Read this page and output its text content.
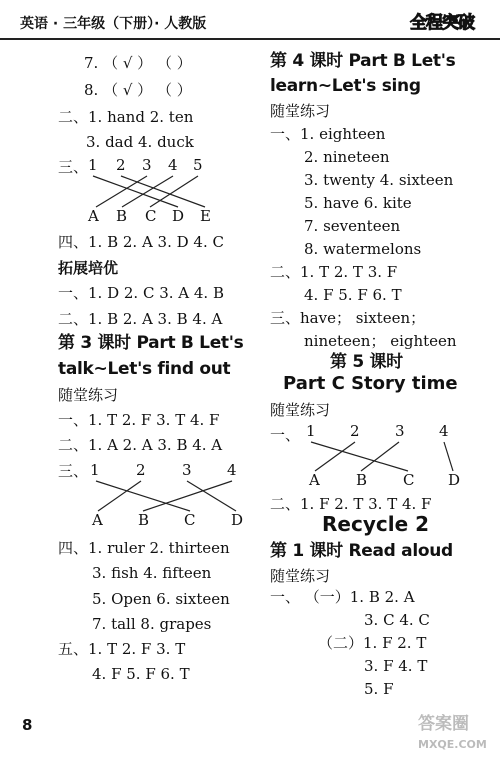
英语 · 三年级（下册）· 人教版	全程突破
7. （ √ ） （ ）
8. （ √ ） （ ）
二、1. hand 2. ten
3. dad 4. duck
三、 1 2 3 4 5
A B C D E
四、1. B 2. A 3. D 4. C
拓展培优
一、1. D 2. C 3. A 4. B
二、1. B 2. A 3. B 4. A
第 3 课时 Part B Let's
talk~Let's find out
随堂练习
一、1. T 2. F 3. T 4. F
二、1. A 2. A 3. B 4. A
三、 1 2 3 4
A B C D
四、1. ruler 2. thirteen
3. fish 4. fifteen
5. Open 6. sixteen
7. tall 8. grapes
五、1. T 2. F 3. T
4. F 5. F 6. T
第 4 课时 Part B Let's
learn~Let's sing
随堂练习
一、1. eighteen
2. nineteen
3. twenty 4. sixteen
5. have 6. kite
7. seventeen
8. watermelons
二、1. T 2. T 3. F
4. F 5. F 6. T
三、have； sixteen；
nineteen； eighteen
第 5 课时
Part C Story time
随堂练习
一、 1 2 3 4
A B C D
二、1. F 2. T 3. T 4. F
Recycle 2
第 1 课时 Read aloud
随堂练习
一、 （一）1. B 2. A
3. C 4. C
（二）1. F 2. T
3. F 4. T
5. F
8	答案圈
MXQE.COM
